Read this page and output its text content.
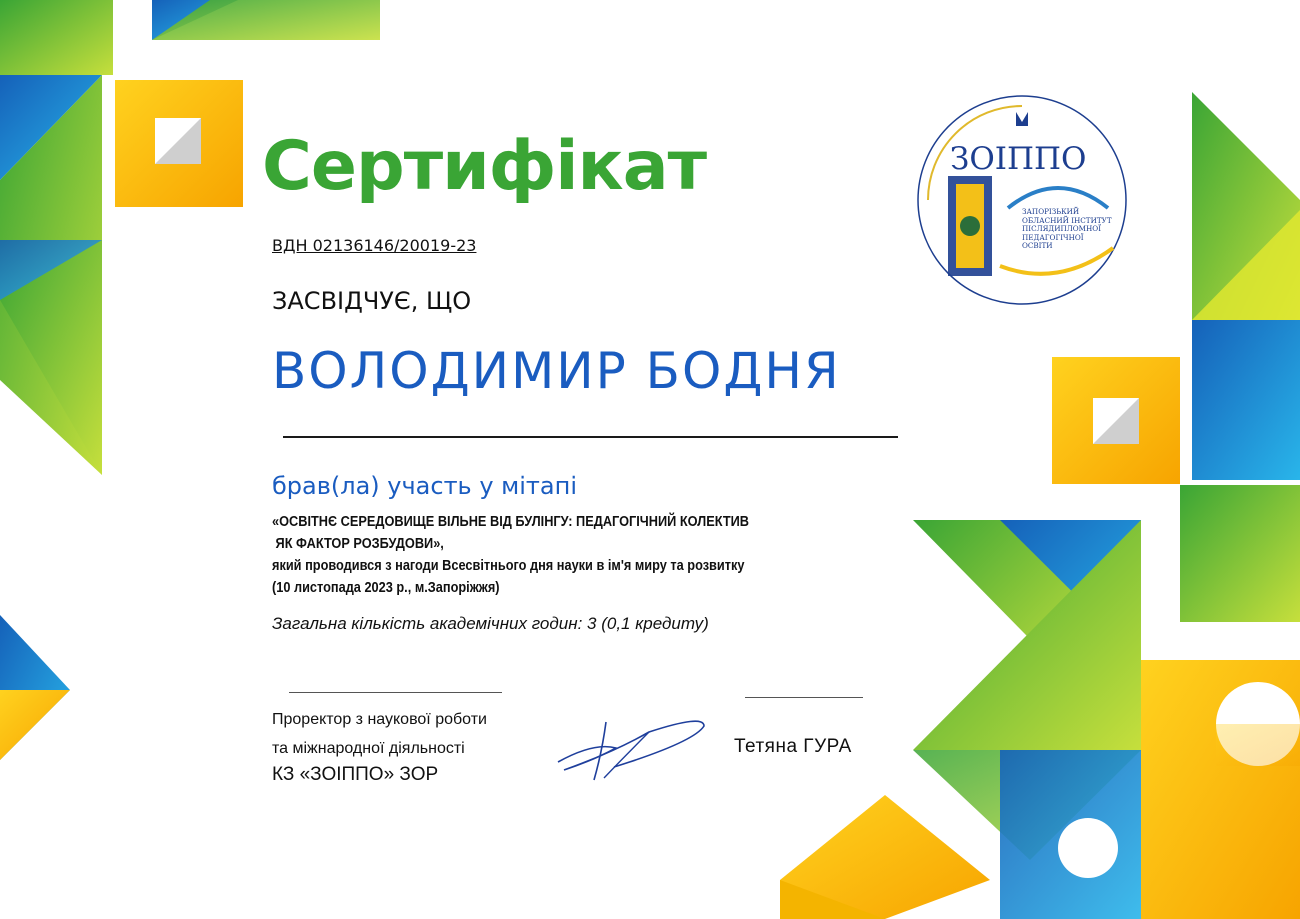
ЗОІППО
ЗАПОРІЗЬКИЙ
ОБЛАСНИЙ ІНСТИТУТ
ПІСЛЯДИПЛОМНОЇ
ПЕДАГОГІЧНОЇ
ОСВІТИ
Сертифікат
ВДН 02136146/20019-23
ЗАСВІДЧУЄ, ЩО
ВОЛОДИМИР БОДНЯ
брав(ла) участь у мітапі
«ОСВІТНЄ СЕРЕДОВИЩЕ ВІЛЬНЕ ВІД БУЛІНГУ: ПЕДАГОГІЧНИЙ КОЛЕКТИВ
ЯК ФАКТОР РОЗБУДОВИ»,
який проводився з нагоди Всесвітнього дня науки в ім'я миру та розвитку
(10 листопада 2023 р., м.Запоріжжя)
Загальна кількість академічних годин: 3 (0,1 кредиту)
Проректор з наукової роботи
та міжнародної діяльності
КЗ «ЗОІППО» ЗОР
Тетяна ГУРА
